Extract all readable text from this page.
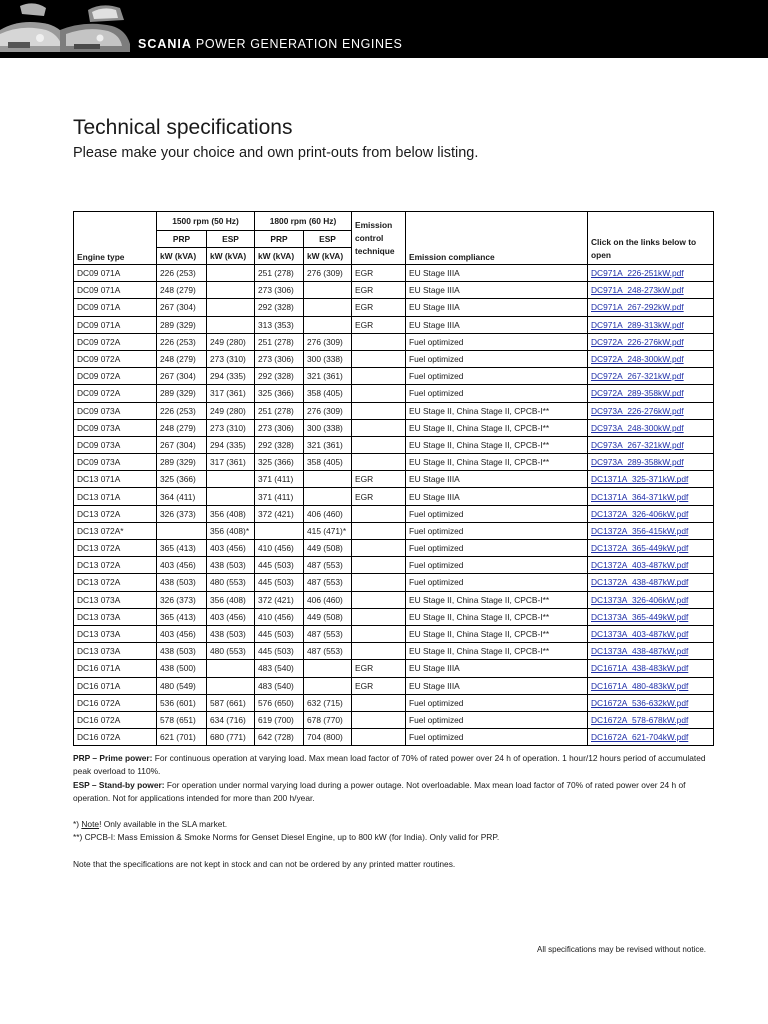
SCANIA POWER GENERATION ENGINES
Technical specifications

Please make your choice and own print-outs from below listing.

Engine type	1500 rpm (50 Hz)		1800 rpm (60 Hz)		Emission control technique	Emission compliance	Click on the links below to open
	PRP	ESP	PRP	ESP			
	kW (kVA)	kW (kVA)	kW (kVA)	kW (kVA)			
DC09 071A	226 (253)		251 (278)	276 (309)	EGR	EU Stage IIIA	DC971A_226-251kW.pdf
DC09 071A	248 (279)		273 (306)		EGR	EU Stage IIIA	DC971A_248-273kW.pdf
DC09 071A	267 (304)		292 (328)		EGR	EU Stage IIIA	DC971A_267-292kW.pdf
DC09 071A	289 (329)		313 (353)		EGR	EU Stage IIIA	DC971A_289-313kW.pdf
DC09 072A	226 (253)	249 (280)	251 (278)	276 (309)		Fuel optimized	DC972A_226-276kW.pdf
DC09 072A	248 (279)	273 (310)	273 (306)	300 (338)		Fuel optimized	DC972A_248-300kW.pdf
DC09 072A	267 (304)	294 (335)	292 (328)	321 (361)		Fuel optimized	DC972A_267-321kW.pdf
DC09 072A	289 (329)	317 (361)	325 (366)	358 (405)		Fuel optimized	DC972A_289-358kW.pdf
DC09 073A	226 (253)	249 (280)	251 (278)	276 (309)		EU Stage II, China Stage II, CPCB-I**	DC973A_226-276kW.pdf
DC09 073A	248 (279)	273 (310)	273 (306)	300 (338)		EU Stage II, China Stage II, CPCB-I**	DC973A_248-300kW.pdf
DC09 073A	267 (304)	294 (335)	292 (328)	321 (361)		EU Stage II, China Stage II, CPCB-I**	DC973A_267-321kW.pdf
DC09 073A	289 (329)	317 (361)	325 (366)	358 (405)		EU Stage II, China Stage II, CPCB-I**	DC973A_289-358kW.pdf
DC13 071A	325 (366)		371 (411)		EGR	EU Stage IIIA	DC1371A_325-371kW.pdf
DC13 071A	364 (411)		371 (411)		EGR	EU Stage IIIA	DC1371A_364-371kW.pdf
DC13 072A	326 (373)	356 (408)	372 (421)	406 (460)		Fuel optimized	DC1372A_326-406kW.pdf
DC13 072A*		356 (408)*		415 (471)*		Fuel optimized	DC1372A_356-415kW.pdf
DC13 072A	365 (413)	403 (456)	410 (456)	449 (508)		Fuel optimized	DC1372A_365-449kW.pdf
DC13 072A	403 (456)	438 (503)	445 (503)	487 (553)		Fuel optimized	DC1372A_403-487kW.pdf
DC13 072A	438 (503)	480 (553)	445 (503)	487 (553)		Fuel optimized	DC1372A_438-487kW.pdf
DC13 073A	326 (373)	356 (408)	372 (421)	406 (460)		EU Stage II, China Stage II, CPCB-I**	DC1373A_326-406kW.pdf
DC13 073A	365 (413)	403 (456)	410 (456)	449 (508)		EU Stage II, China Stage II, CPCB-I**	DC1373A_365-449kW.pdf
DC13 073A	403 (456)	438 (503)	445 (503)	487 (553)		EU Stage II, China Stage II, CPCB-I**	DC1373A_403-487kW.pdf
DC13 073A	438 (503)	480 (553)	445 (503)	487 (553)		EU Stage II, China Stage II, CPCB-I**	DC1373A_438-487kW.pdf
DC16 071A	438 (500)		483 (540)		EGR	EU Stage IIIA	DC1671A_438-483kW.pdf
DC16 071A	480 (549)		483 (540)		EGR	EU Stage IIIA	DC1671A_480-483kW.pdf
DC16 072A	536 (601)	587 (661)	576 (650)	632 (715)		Fuel optimized	DC1672A_536-632kW.pdf
DC16 072A	578 (651)	634 (716)	619 (700)	678 (770)		Fuel optimized	DC1672A_578-678kW.pdf
DC16 072A	621 (701)	680 (771)	642 (728)	704 (800)		Fuel optimized	DC1672A_621-704kW.pdf

PRP – Prime power: For continuous operation at varying load. Max mean load factor of 70% of rated power over 24 h of operation. 1 hour/12 hours period of accumulated peak overload to 110%.

ESP – Stand-by power: For operation under normal varying load during a power outage. Not overloadable. Max mean load factor of 70% of rated power over 24 h of operation. Not for applications intended for more than 200 h/year.

*) Note! Only available in the SLA market.

**) CPCB-I: Mass Emission & Smoke Norms for Genset Diesel Engine, up to 800 kW (for India). Only valid for PRP.

Note that the specifications are not kept in stock and can not be ordered by any printed matter routines.

All specifications may be revised without notice.
